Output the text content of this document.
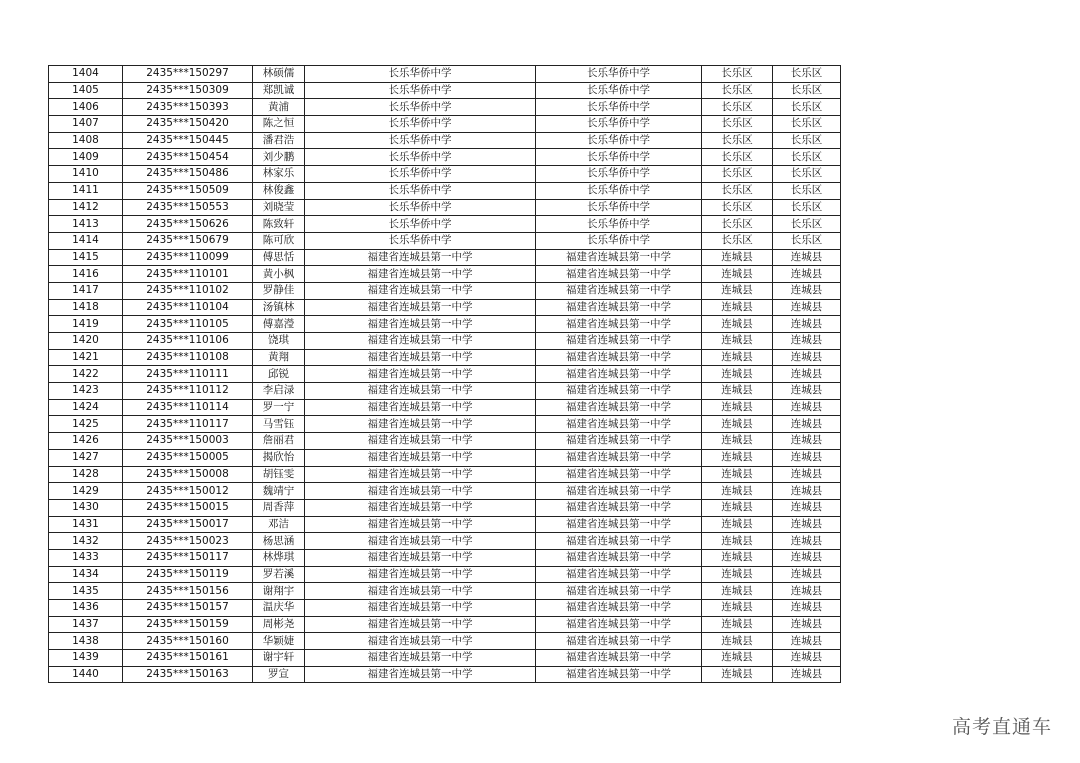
1404	2435***150297	林硕儒	长乐华侨中学	长乐华侨中学	长乐区	长乐区
1405	2435***150309	郑凯诚	长乐华侨中学	长乐华侨中学	长乐区	长乐区
1406	2435***150393	黄浦	长乐华侨中学	长乐华侨中学	长乐区	长乐区
1407	2435***150420	陈之恒	长乐华侨中学	长乐华侨中学	长乐区	长乐区
1408	2435***150445	潘君浩	长乐华侨中学	长乐华侨中学	长乐区	长乐区
1409	2435***150454	刘少鹏	长乐华侨中学	长乐华侨中学	长乐区	长乐区
1410	2435***150486	林家乐	长乐华侨中学	长乐华侨中学	长乐区	长乐区
1411	2435***150509	林俊鑫	长乐华侨中学	长乐华侨中学	长乐区	长乐区
1412	2435***150553	刘晓莹	长乐华侨中学	长乐华侨中学	长乐区	长乐区
1413	2435***150626	陈致轩	长乐华侨中学	长乐华侨中学	长乐区	长乐区
1414	2435***150679	陈可欣	长乐华侨中学	长乐华侨中学	长乐区	长乐区
1415	2435***110099	傅思恬	福建省连城县第一中学	福建省连城县第一中学	连城县	连城县
1416	2435***110101	黄小枫	福建省连城县第一中学	福建省连城县第一中学	连城县	连城县
1417	2435***110102	罗静佳	福建省连城县第一中学	福建省连城县第一中学	连城县	连城县
1418	2435***110104	汤镇林	福建省连城县第一中学	福建省连城县第一中学	连城县	连城县
1419	2435***110105	傅嘉瀅	福建省连城县第一中学	福建省连城县第一中学	连城县	连城县
1420	2435***110106	饶琪	福建省连城县第一中学	福建省连城县第一中学	连城县	连城县
1421	2435***110108	黄翔	福建省连城县第一中学	福建省连城县第一中学	连城县	连城县
1422	2435***110111	邱锐	福建省连城县第一中学	福建省连城县第一中学	连城县	连城县
1423	2435***110112	李启渌	福建省连城县第一中学	福建省连城县第一中学	连城县	连城县
1424	2435***110114	罗一宁	福建省连城县第一中学	福建省连城县第一中学	连城县	连城县
1425	2435***110117	马雪钰	福建省连城县第一中学	福建省连城县第一中学	连城县	连城县
1426	2435***150003	詹丽君	福建省连城县第一中学	福建省连城县第一中学	连城县	连城县
1427	2435***150005	揭欣怡	福建省连城县第一中学	福建省连城县第一中学	连城县	连城县
1428	2435***150008	胡钰雯	福建省连城县第一中学	福建省连城县第一中学	连城县	连城县
1429	2435***150012	魏靖宁	福建省连城县第一中学	福建省连城县第一中学	连城县	连城县
1430	2435***150015	周香萍	福建省连城县第一中学	福建省连城县第一中学	连城县	连城县
1431	2435***150017	邓洁	福建省连城县第一中学	福建省连城县第一中学	连城县	连城县
1432	2435***150023	杨思涵	福建省连城县第一中学	福建省连城县第一中学	连城县	连城县
1433	2435***150117	林烨琪	福建省连城县第一中学	福建省连城县第一中学	连城县	连城县
1434	2435***150119	罗若溪	福建省连城县第一中学	福建省连城县第一中学	连城县	连城县
1435	2435***150156	谢翔宇	福建省连城县第一中学	福建省连城县第一中学	连城县	连城县
1436	2435***150157	温庆华	福建省连城县第一中学	福建省连城县第一中学	连城县	连城县
1437	2435***150159	周彬尧	福建省连城县第一中学	福建省连城县第一中学	连城县	连城县
1438	2435***150160	华颖婕	福建省连城县第一中学	福建省连城县第一中学	连城县	连城县
1439	2435***150161	谢宇轩	福建省连城县第一中学	福建省连城县第一中学	连城县	连城县
1440	2435***150163	罗宣	福建省连城县第一中学	福建省连城县第一中学	连城县	连城县
高考直通车
